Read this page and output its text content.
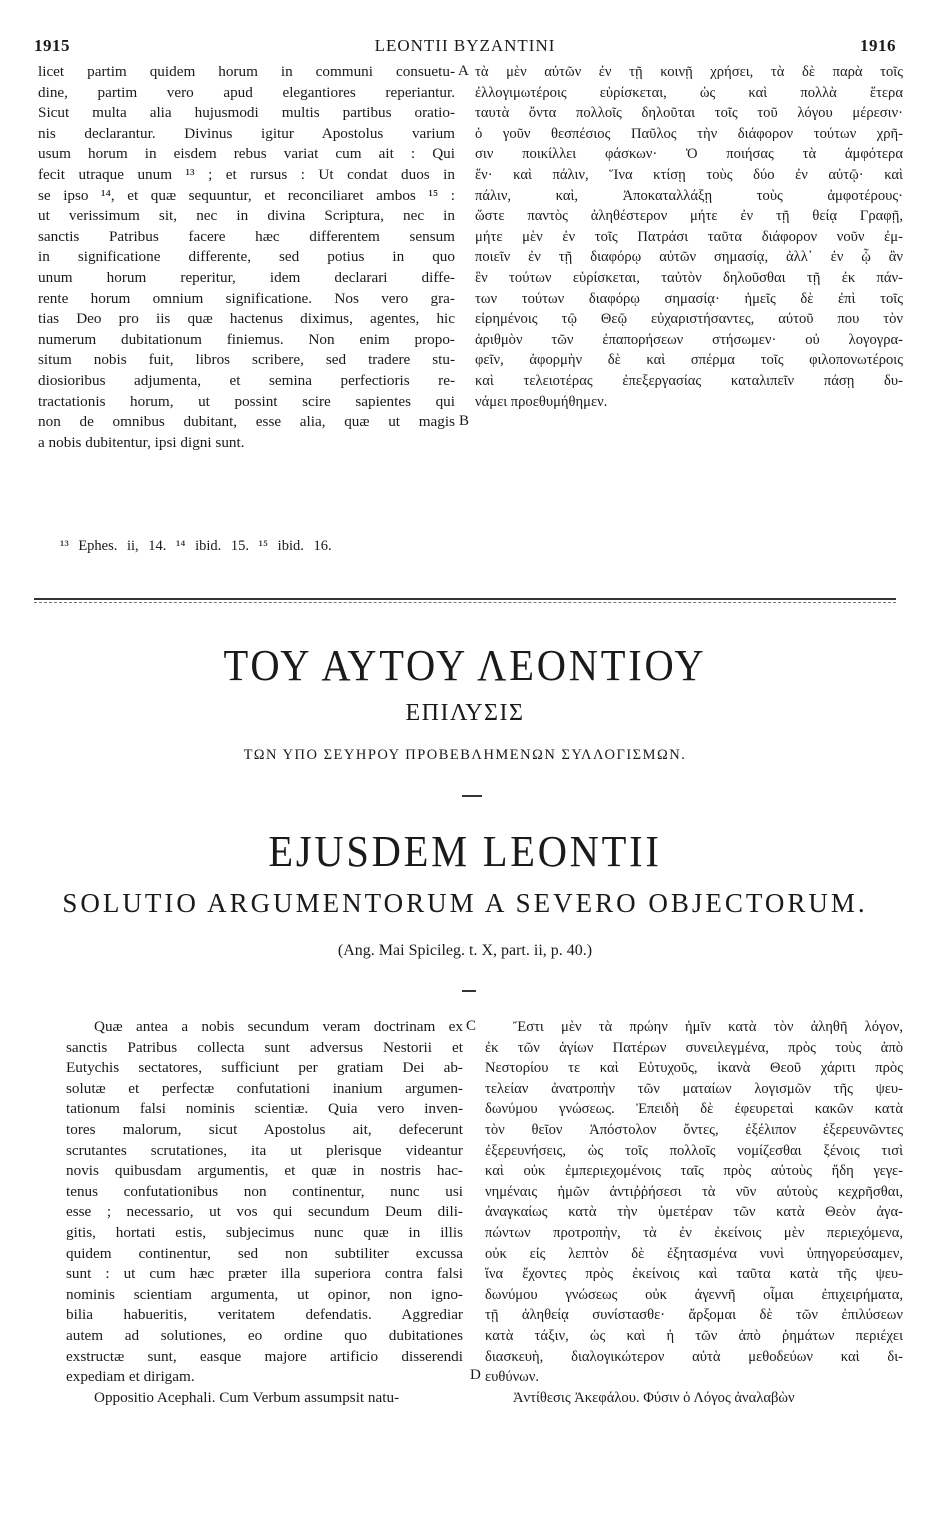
1915	LEONTII BYZANTINI	1916
licet partim quidem horum in communi consuetu-
dine, partim vero apud elegantiores reperiantur.
Sicut multa alia hujusmodi multis partibus oratio-
nis declarantur. Divinus igitur Apostolus varium
usum horum in eisdem rebus variat cum ait : Qui
fecit utraque unum ¹³ ; et rursus : Ut condat duos in
se ipso ¹⁴, et quæ sequuntur, et reconciliaret ambos ¹⁵ :
ut verissimum sit, nec in divina Scriptura, nec in
sanctis Patribus facere hæc differentem sensum
in significatione differente, sed potius in quo
unum horum reperitur, idem declarari diffe-
rente horum omnium significatione. Nos vero gra-
tias Deo pro iis quæ hactenus diximus, agentes, hic
numerum dubitationum finiemus. Non enim propo-
situm nobis fuit, libros scribere, sed tradere stu-
diosioribus adjumenta, et semina perfectioris re-
tractationis horum, ut possint scire sapientes qui
non de omnibus dubitant, esse alia, quæ ut magis
a nobis dubitentur, ipsi digni sunt.
τὰ μὲν αὐτῶν ἐν τῇ κοινῇ χρήσει, τὰ δὲ παρὰ τοῖς
ἐλλογιμωτέροις εὑρίσκεται, ὡς καὶ πολλὰ ἕτερα
ταυτὰ ὄντα πολλοῖς δηλοῦται τοῖς τοῦ λόγου μέρεσιν·
ὁ γοῦν θεσπέσιος Παῦλος τὴν διάφορον τούτων χρῆ-
σιν ποικίλλει φάσκων· Ὁ ποιήσας τὰ ἀμφότερα
ἕν· καὶ πάλιν, Ἵνα κτίσῃ τοὺς δύο ἐν αὐτῷ· καὶ
πάλιν, καὶ, Ἀποκαταλλάξῃ τοὺς ἀμφοτέρους·
ὥστε παντὸς ἀληθέστερον μήτε ἐν τῇ θείᾳ Γραφῇ,
μήτε μὲν ἐν τοῖς Πατράσι ταῦτα διάφορον νοῦν ἐμ-
ποιεῖν ἐν τῇ διαφόρῳ αὐτῶν σημασίᾳ, ἀλλ᾽ ἐν ᾧ ἂν
ἓν τούτων εὑρίσκεται, ταὐτὸν δηλοῦσθαι τῇ ἐκ πάν-
των τούτων διαφόρῳ σημασίᾳ· ἡμεῖς δὲ ἐπὶ τοῖς
εἰρημένοις τῷ Θεῷ εὐχαριστήσαντες, αὐτοῦ που τὸν
ἀριθμὸν τῶν ἐπαπορήσεων στήσωμεν· οὐ λογογρα-
φεῖν, ἀφορμὴν δὲ καὶ σπέρμα τοῖς φιλοπονωτέροις
καὶ τελειοτέρας ἐπεξεργασίας καταλιπεῖν πάσῃ δυ-
νάμει προεθυμήθημεν.
A
B
¹³ Ephes. ii, 14. ¹⁴ ibid. 15. ¹⁵ ibid. 16.
ΤΟΥ ΑΥΤΟΥ ΛΕΟΝΤΙΟΥ
ΕΠΙΛΥΣΙΣ
ΤΩΝ ΥΠΟ ΣΕΥΗΡΟΥ ΠΡΟΒΕΒΛΗΜΕΝΩΝ ΣΥΛΛΟΓΙΣΜΩΝ.
EJUSDEM LEONTII
SOLUTIO ARGUMENTORUM A SEVERO OBJECTORUM.
(Ang. Mai Spicileg. t. X, part. ii, p. 40.)
Quæ antea a nobis secundum veram doctrinam ex
sanctis Patribus collecta sunt adversus Nestorii et
Eutychis sectatores, sufficiunt per gratiam Dei ab-
solutæ et perfectæ confutationi inanium argumen-
tationum falsi nominis scientiæ. Quia vero inven-
tores malorum, sicut Apostolus ait, defecerunt
scrutantes scrutationes, ita ut plerisque videantur
novis quibusdam argumentis, et quæ in nostris hac-
tenus confutationibus non continentur, nunc usi
esse ; necessario, ut vos qui secundum Deum dili-
gitis, hortati estis, subjecimus nunc quæ in illis
quidem continentur, sed non subtiliter excussa
sunt : ut cum hæc præter illa superiora contra falsi
nominis scientiam argumenta, ut opinor, non igno-
bilia habueritis, veritatem defendatis. Aggrediar
autem ad solutiones, eo ordine quo dubitationes
exstructæ sunt, easque majore artificio disserendi
expediam et dirigam.
Oppositio Acephali. Cum Verbum assumpsit natu-
Ἔστι μὲν τὰ πρώην ἡμῖν κατὰ τὸν ἀληθῆ λόγον,
ἐκ τῶν ἁγίων Πατέρων συνειλεγμένα, πρὸς τοὺς ἀπὸ
Νεστορίου τε καὶ Εὐτυχοῦς, ἱκανὰ Θεοῦ χάριτι πρὸς
τελείαν ἀνατροπὴν τῶν ματαίων λογισμῶν τῆς ψευ-
δωνύμου γνώσεως. Ἐπειδὴ δὲ ἐφευρεταὶ κακῶν κατὰ
τὸν θεῖον Ἀπόστολον ὄντες, ἐξέλιπον ἐξερευνῶντες
ἐξερευνήσεις, ὡς τοῖς πολλοῖς νομίζεσθαι ξένοις τισὶ
καὶ οὐκ ἐμπεριεχομένοις ταῖς πρὸς αὐτοὺς ἤδη γεγε-
νημέναις ἡμῶν ἀντιῤῥήσεσι τὰ νῦν αὐτοὺς κεχρῆσθαι,
ἀναγκαίως κατὰ τὴν ὑμετέραν τῶν κατὰ Θεὸν ἀγα-
πώντων προτροπὴν, τὰ ἐν ἐκείνοις μὲν περιεχόμενα,
οὐκ εἰς λεπτὸν δὲ ἐξητασμένα νυνὶ ὑπηγορεύσαμεν,
ἵνα ἔχοντες πρὸς ἐκείνοις καὶ ταῦτα κατὰ τῆς ψευ-
δωνύμου γνώσεως οὐκ ἀγεννῆ οἶμαι ἐπιχειρήματα,
τῇ ἀληθείᾳ συνίστασθε· ἄρξομαι δὲ τῶν ἐπιλύσεων
κατὰ τάξιν, ὡς καὶ ἡ τῶν ἀπὸ ῥημάτων περιέχει
διασκευὴ, διαλογικώτερον αὐτὰ μεθοδεύων καὶ δι-
ευθύνων.
Ἀντίθεσις Ἀκεφάλου. Φύσιν ὁ Λόγος ἀναλαβὼν
C
D
